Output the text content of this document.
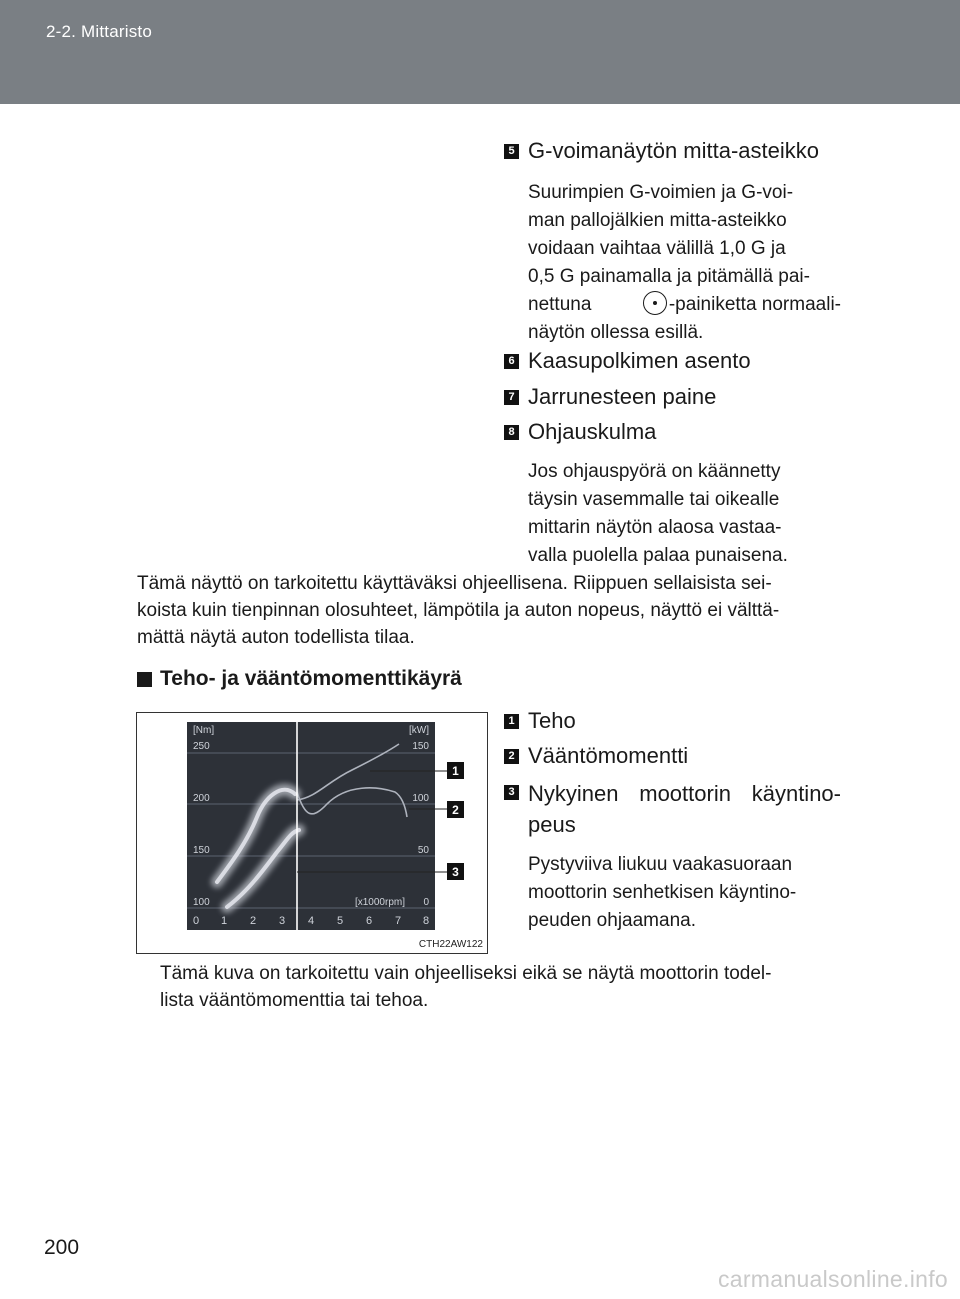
2-2. Mittaristo
5 G-voimanäytön mitta-asteikko
Suurimpien G-voimien ja G-voi-
man pallojälkien mitta-asteikko
voidaan vaihtaa välillä 1,0 G ja
0,5 G painamalla ja pitämällä pai-
nettuna	-painiketta normaali-
näytön ollessa esillä.
6 Kaasupolkimen asento
7 Jarrunesteen paine
8 Ohjauskulma
Jos ohjauspyörä on käännetty
täysin vasemmalle tai oikealle
mittarin näytön alaosa vastaa-
valla puolella palaa punaisena.
Tämä näyttö on tarkoitettu käyttäväksi ohjeellisena. Riippuen sellaisista sei-
koista kuin tienpinnan olosuhteet, lämpötila ja auton nopeus, näyttö ei välttä-
mättä näytä auton todellista tilaa.
Teho- ja vääntömomenttikäyrä
[Nm]	[kW]
250
200
150
100
150
100
50
0
[x1000rpm]
0 1 2 3 4 5 6 7 8
1
2
3
CTH22AW122
1 Teho
2 Vääntömomentti
3 Nykyinen moottorin käyntino-
peus
Pystyviiva liukuu vaakasuoraan
moottorin senhetkisen käyntino-
peuden ohjaamana.
Tämä kuva on tarkoitettu vain ohjeelliseksi eikä se näytä moottorin todel-
lista vääntömomenttia tai tehoa.
200
carmanualsonline.info
